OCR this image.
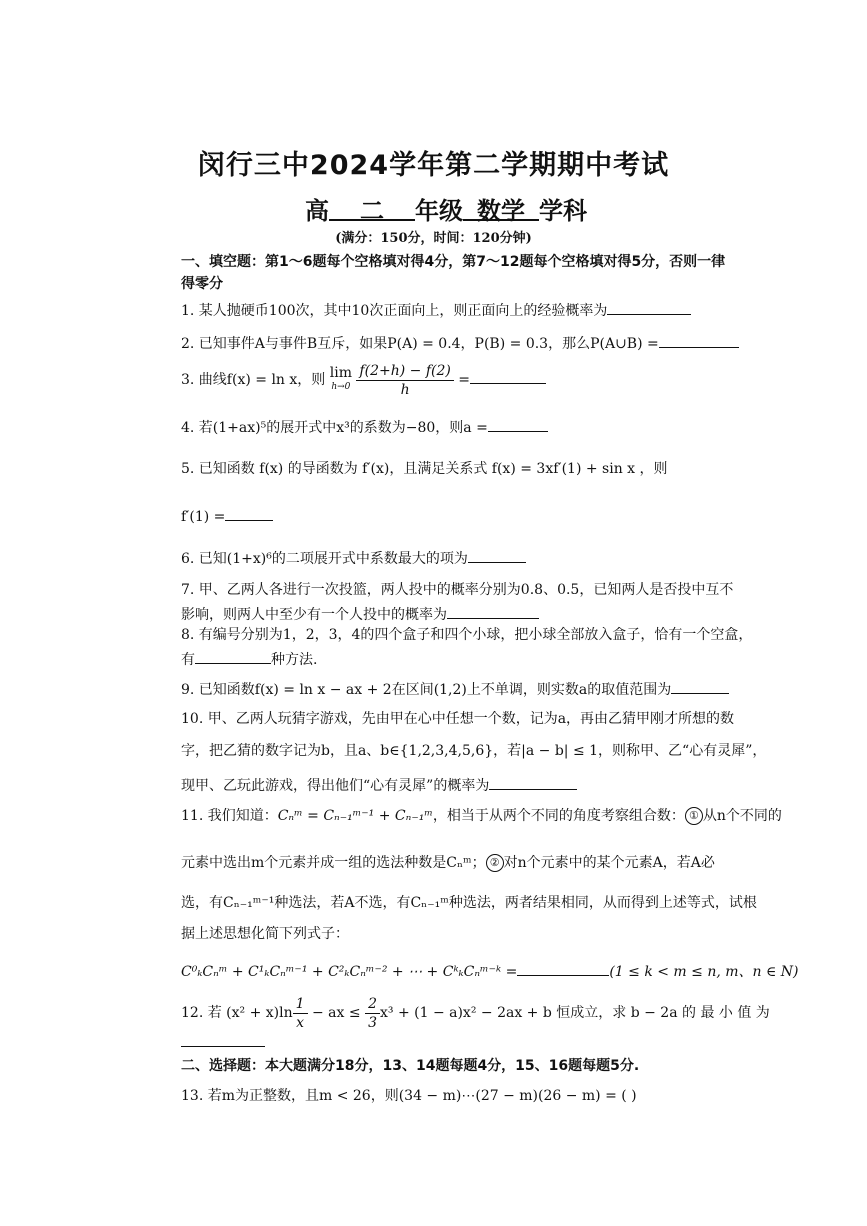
闵行三中2024学年第二学期期中考试
高 二 年级 数学 学科
(满分：150分，时间：120分钟)
一、填空题：第1～6题每个空格填对得4分，第7～12题每个空格填对得5分，否则一律
得零分
1. 某人抛硬币100次，其中10次正面向上，则正面向上的经验概率为
2. 已知事件A与事件B互斥，如果P(A) = 0.4，P(B) = 0.3，那么P(A∪B) =
3. 曲线f(x) = ln x，则 lim
h→0
$\frac{f(2+h) - f(2)}{h}$ =
4. 若(1+ax)⁵的展开式中x³的系数为−80，则a =
5. 已知函数 f(x) 的导函数为 f′(x)，且满足关系式 f(x) = 3xf′(1) + sin x ，则
f′(1) =
6. 已知(1+x)⁶的二项展开式中系数最大的项为
7. 甲、乙两人各进行一次投篮，两人投中的概率分别为0.8、0.5，已知两人是否投中互不
影响，则两人中至少有一个人投中的概率为
8. 有编号分别为1，2，3，4的四个盒子和四个小球，把小球全部放入盒子，恰有一个空盒，
有	种方法.
9. 已知函数f(x) = ln x − ax + 2在区间(1,2)上不单调，则实数a的取值范围为
10. 甲、乙两人玩猜字游戏，先由甲在心中任想一个数，记为a，再由乙猜甲刚才所想的数
字，把乙猜的数字记为b，且a、b∈{1,2,3,4,5,6}，若|a − b| ≤ 1，则称甲、乙“心有灵犀”，
现甲、乙玩此游戏，得出他们“心有灵犀”的概率为
11. 我们知道：Cₙᵐ = Cₙ₋₁ᵐ⁻¹ + Cₙ₋₁ᵐ，相当于从两个不同的角度考察组合数： ① 从n个不同的
元素中选出m个元素并成一组的选法种数是Cₙᵐ； ② 对n个元素中的某个元素A，若A必
选，有Cₙ₋₁ᵐ⁻¹种选法，若A不选，有Cₙ₋₁ᵐ种选法，两者结果相同，从而得到上述等式，试根
据上述思想化简下列式子：
C⁰ₖCₙᵐ + C¹ₖCₙᵐ⁻¹ + C²ₖCₙᵐ⁻² + ⋯ + CᵏₖCₙᵐ⁻ᵏ =	(1 ≤ k < m ≤ n, m、n ∈ N)
12. 若 $(x^2 + x)\ln \frac{1}{x}$ − ax ≤ $\frac{2}{3} x^3 + (1 - a)x^2 - 2ax + b$ 恒成立，求 b − 2a 的 最 小 值 为
二、选择题：本大题满分18分，13、14题每题4分，15、16题每题5分.
13. 若m为正整数，且m < 26，则(34 − m)⋯(27 − m)(26 − m) = ( )
